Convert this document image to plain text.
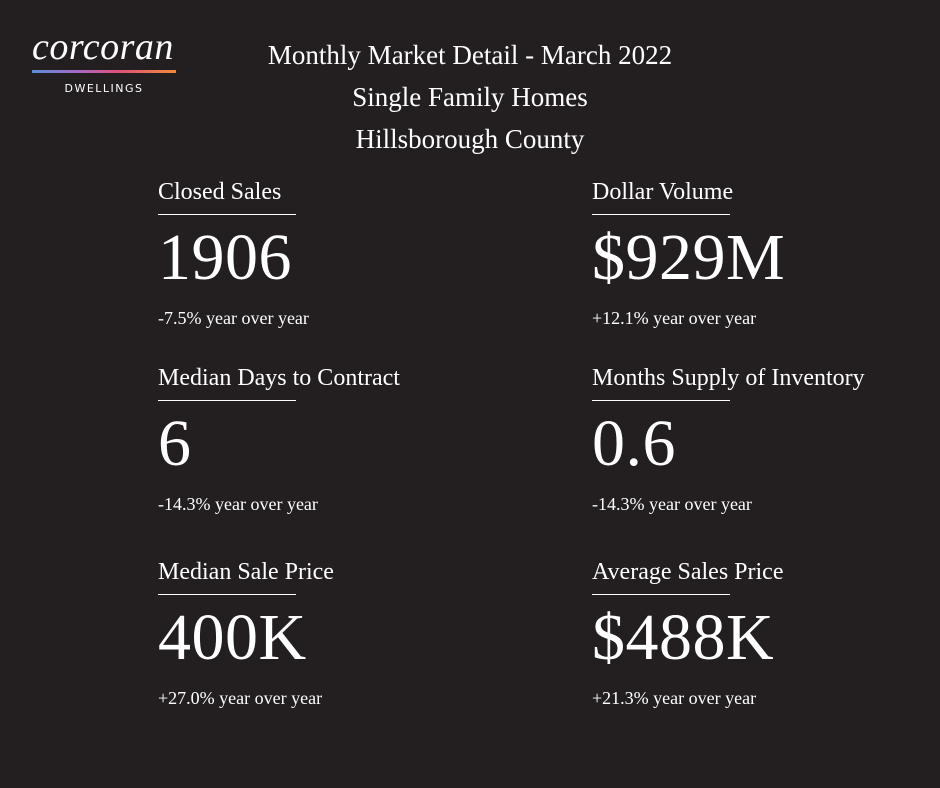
corcoran
DWELLINGS
Monthly Market Detail - March 2022
Single Family Homes
Hillsborough County
Closed Sales
1906
-7.5% year over year
Dollar Volume
$929M
+12.1% year over year
Median Days to Contract
6
-14.3% year over year
Months Supply of Inventory
0.6
-14.3% year over year
Median Sale Price
400K
+27.0% year over year
Average Sales Price
$488K
+21.3% year over year
